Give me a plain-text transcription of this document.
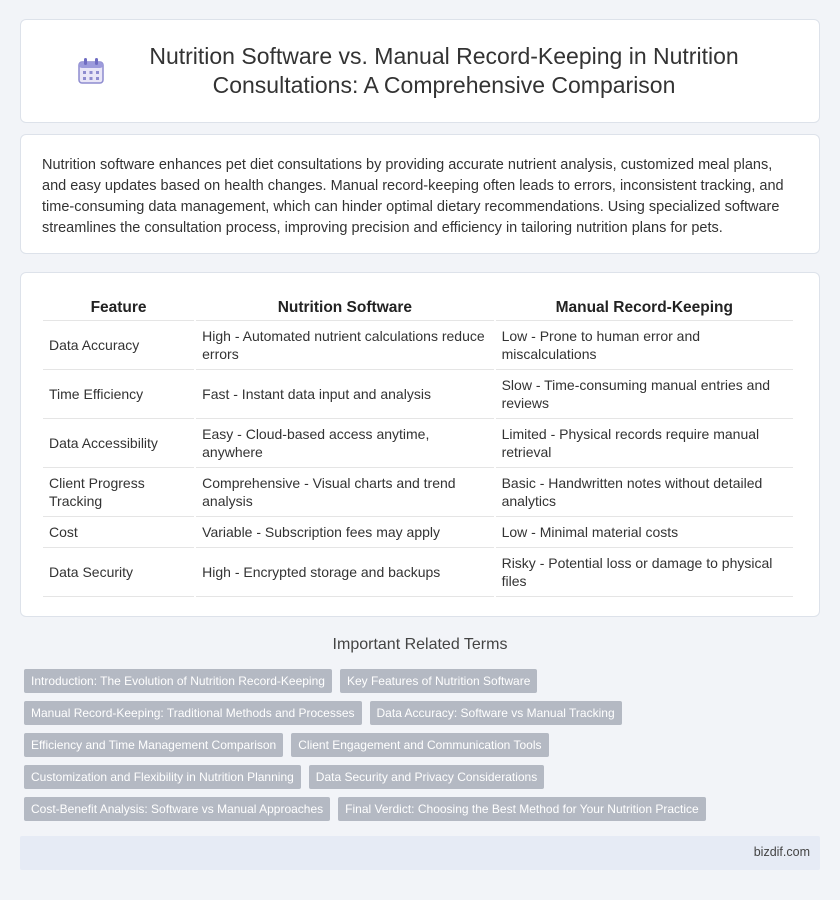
Nutrition Software vs. Manual Record-Keeping in Nutrition Consultations: A Comprehensive Comparison

Nutrition software enhances pet diet consultations by providing accurate nutrient analysis, customized meal plans, and easy updates based on health changes. Manual record-keeping often leads to errors, inconsistent tracking, and time-consuming data management, which can hinder optimal dietary recommendations. Using specialized software streamlines the consultation process, improving precision and efficiency in tailoring nutrition plans for pets.

Feature	Nutrition Software	Manual Record-Keeping
Data Accuracy	High - Automated nutrient calculations reduce errors	Low - Prone to human error and miscalculations
Time Efficiency	Fast - Instant data input and analysis	Slow - Time-consuming manual entries and reviews
Data Accessibility	Easy - Cloud-based access anytime, anywhere	Limited - Physical records require manual retrieval
Client Progress Tracking	Comprehensive - Visual charts and trend analysis	Basic - Handwritten notes without detailed analytics
Cost	Variable - Subscription fees may apply	Low - Minimal material costs
Data Security	High - Encrypted storage and backups	Risky - Potential loss or damage to physical files
Important Related Terms
Introduction: The Evolution of Nutrition Record-Keeping	Key Features of Nutrition Software
Manual Record-Keeping: Traditional Methods and Processes	Data Accuracy: Software vs Manual Tracking
Efficiency and Time Management Comparison	Client Engagement and Communication Tools
Customization and Flexibility in Nutrition Planning	Data Security and Privacy Considerations
Cost-Benefit Analysis: Software vs Manual Approaches	Final Verdict: Choosing the Best Method for Your Nutrition Practice
bizdif.com
